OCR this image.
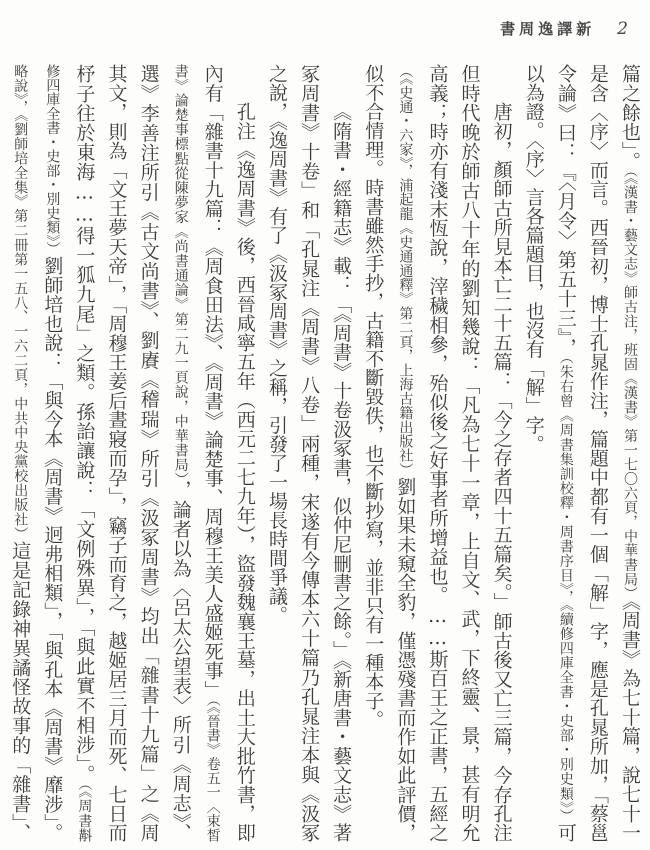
書周逸譯新 2
篇之餘也」。（《漢書・藝文志》師古注，班固《漢書》第一七〇六頁，中華書局）《周書》為七十篇，說七十一
是含〈序〉而言。西晉初，博士孔晁作注，篇題中都有一個「解」字，應是孔晁所加，「蔡邕
令論》曰：『〈月令〉第五十三』，（朱右曾《周書集訓校釋・周書序目》，《續修四庫全書・史部・別史類》）可
以為證。〈序〉言各篇題目，也沒有「解」字。
唐初，顏師古所見本亡二十五篇：「今之存者四十五篇矣。」師古後又亡三篇，今存孔注
但時代晚於師古八十年的劉知幾說：「凡為七十一章，上自文、武，下終靈、景，甚有明允
高義；時亦有淺末恆說，滓穢相參，殆似後之好事者所增益也。……斯百王之正書，五經之
（《史通・六家》，浦起龍《史通通釋》第二頁，上海古籍出版社）劉如果未窺全豹，僅憑殘書而作如此評價，
似不合情理。時書雖然手抄，古籍不斷毀佚，也不斷抄寫，並非只有一種本子。
《隋書・經籍志》載：「《周書》十卷汲冢書，似仲尼刪書之餘。」《新唐書・藝文志》著
冢周書》十卷」和「孔晁注《周書》八卷」兩種，宋遂有今傳本六十篇乃孔晁注本與《汲冢
之說，《逸周書》有了《汲冢周書》之稱，引發了一場長時間爭議。
孔注《逸周書》後，西晉咸寧五年（西元二七九年），盜發魏襄王墓，出土大批竹書，即
內有「雜書十九篇：《周食田法》、《周書》論楚事、周穆王美人盛姬死事」（《晉書》卷五一〈束皙
書》論楚事標點從陳夢家《尚書通論》第二九一頁說，中華書局），論者以為〈呂太公望表〉所引《周志》、
選》李善注所引《古文尚書》、劉賡《稽瑞》所引《汲冢周書》均出「雜書十九篇」之《周
其文，則為「文王夢天帝」，「周穆王姜后晝寢而孕」，竊子而育之，越姬居三月而死、七日而
杼子往於東海……得一狐九尾」之類。孫詒讓說：「文例殊異」，「與此實不相涉」。（《周書斠
修四庫全書・史部・別史類》）劉師培也說：「與今本《周書》迥弗相類」，「與孔本《周書》靡涉」。
略說》，《劉師培全集》第二冊第一五八、一六二頁，中共中央黨校出版社）這是記錄神異譎怪故事的「雜書」、
